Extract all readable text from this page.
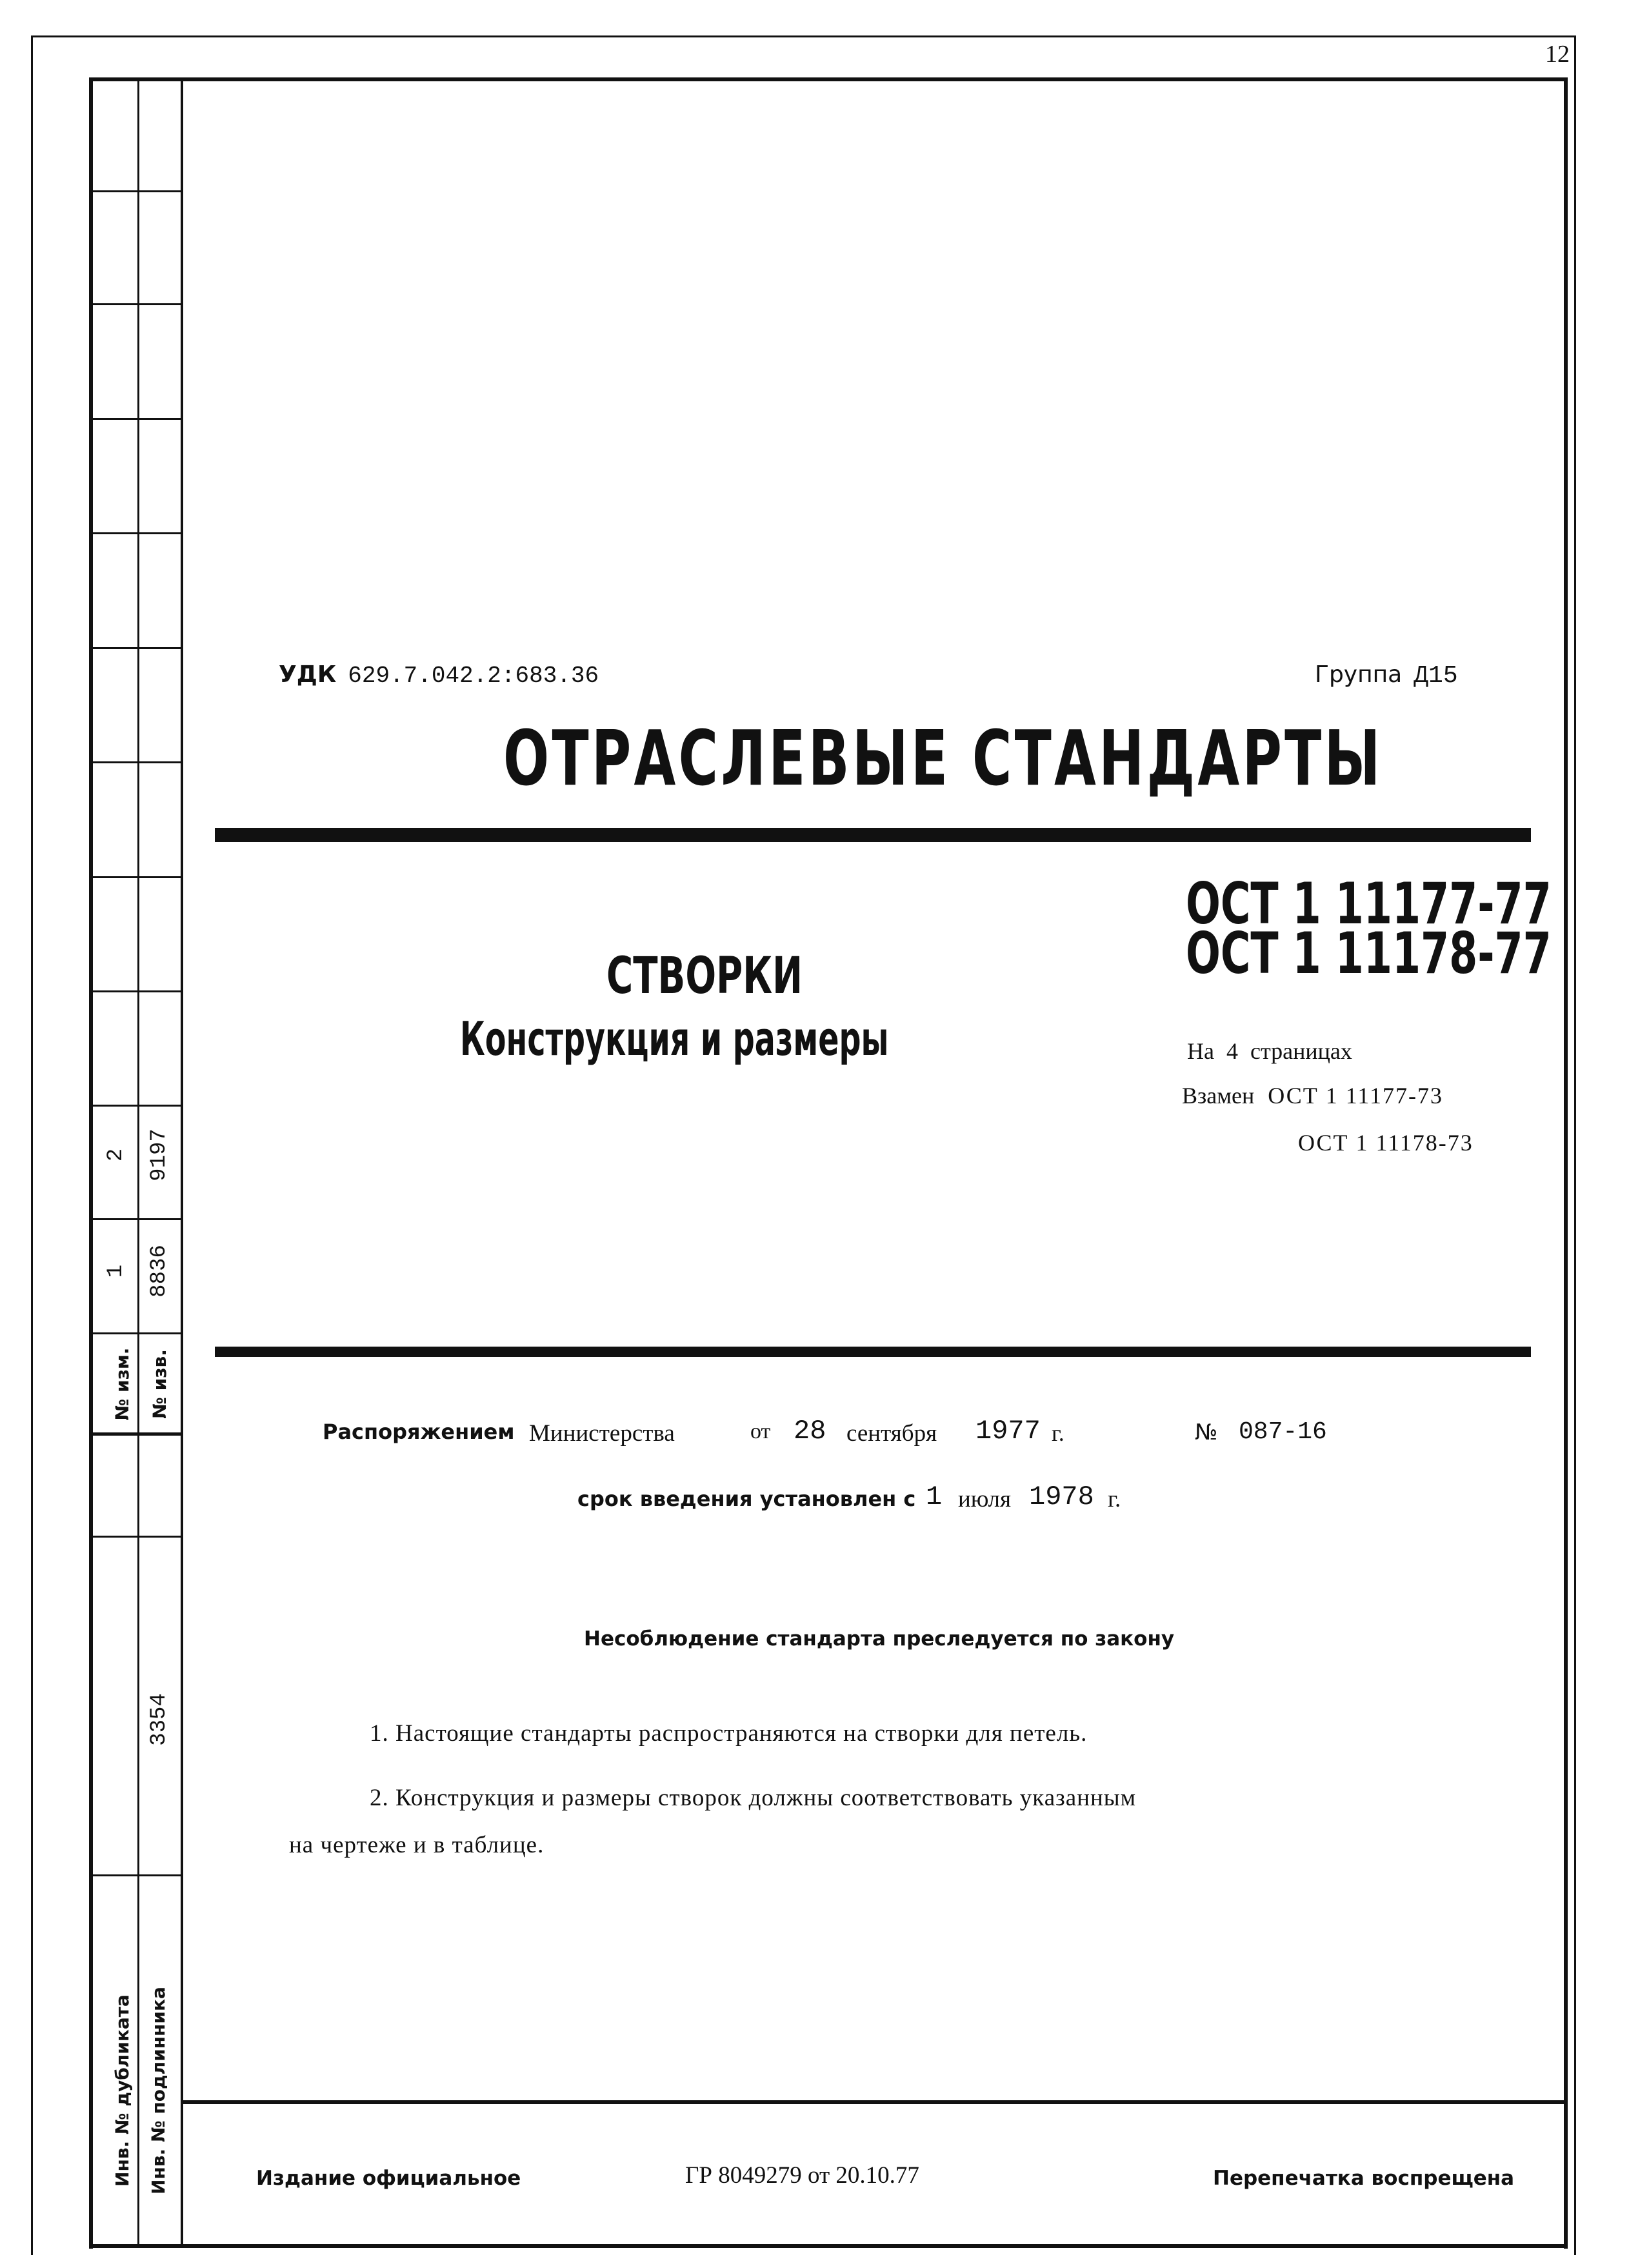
2 9197
1 8836
№ изм. № изв.
3354
Инв. № дубликата Инв. № подлинника
12
УДК 629.7.042.2:683.36	Группа Д15
ОТРАСЛЕВЫЕ СТАНДАРТЫ
ОСТ 1 11177-77
ОСТ 1 11178-77
СТВОРКИ
Конструкция и размеры	На 4 страницах
Взамен ОСТ 1 11177-73
ОСТ 1 11178-73
Распоряжением Министерства	от 28 сентября 1977 г.	№ 087-16
срок введения установлен с 1 июля 1978 г.
Несоблюдение стандарта преследуется по закону
1. Настоящие стандарты распространяются на створки для петель.
2. Конструкция и размеры створок должны соответствовать указанным
на чертеже и в таблице.
Издание официальное	ГР 8049279 от 20.10.77	Перепечатка воспрещена
